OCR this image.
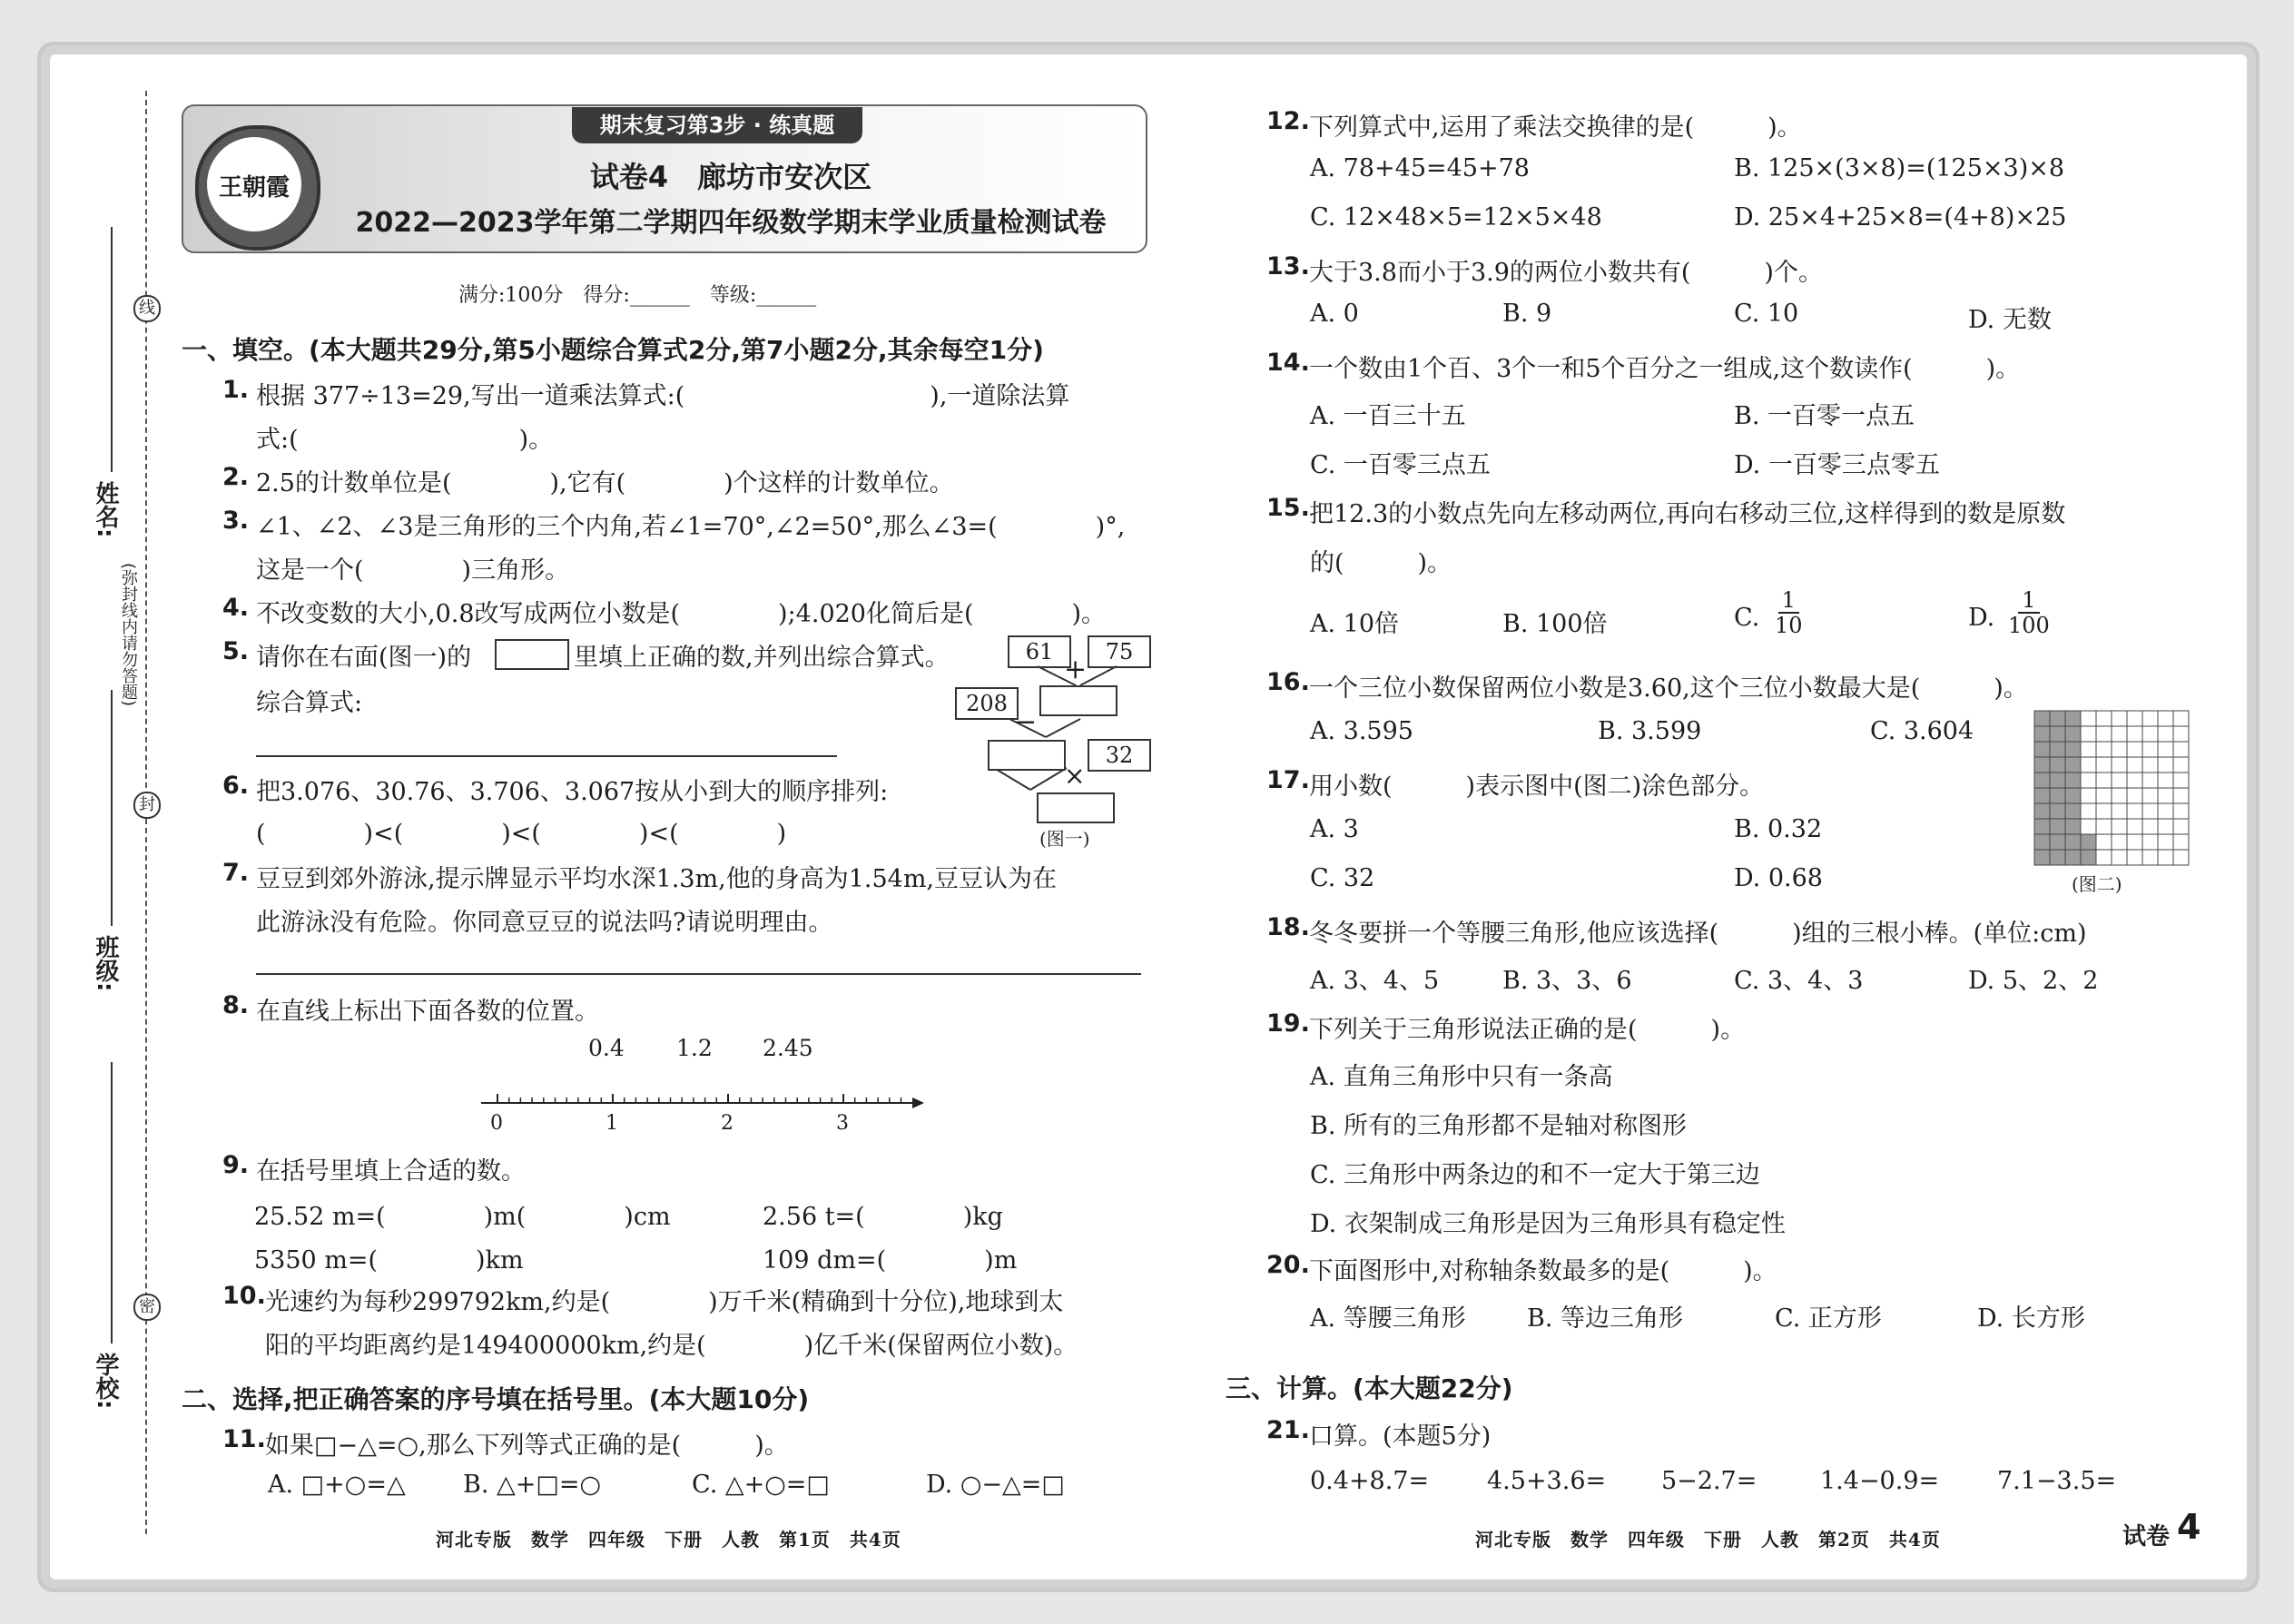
线
封
密
(弥封线内请勿答题)
姓名:
班级:
学校:
期末复习第3步 · 练真题
王朝霞	试卷4　廊坊市安次区
2022—2023学年第二学期四年级数学期末学业质量检测试卷
满分:100分　得分:______　等级:______
一、填空。(本大题共29分,第5小题综合算式2分,第7小题2分,其余每空1分)
1. 根据 377÷13=29,写出一道乘法算式:(　　　　　　　　　　),一道除法算
式:(　　　　　　　　　)。
2. 2.5的计数单位是(　　　　),它有(　　　　)个这样的计数单位。
3. ∠1、∠2、∠3是三角形的三个内角,若∠1=70°,∠2=50°,那么∠3=(　　　　)°,
这是一个(　　　　)三角形。
4. 不改变数的大小,0.8改写成两位小数是(　　　　);4.020化简后是(　　　　)。
5. 请你在右面(图一)的	里填上正确的数,并列出综合算式。
综合算式:
61	75
+
208
−
32
×
(图一)
6. 把3.076、30.76、3.706、3.067按从小到大的顺序排列:
(　　　　)<(　　　　)<(　　　　)<(　　　　)
7. 豆豆到郊外游泳,提示牌显示平均水深1.3m,他的身高为1.54m,豆豆认为在
此游泳没有危险。你同意豆豆的说法吗?请说明理由。
8. 在直线上标出下面各数的位置。
0.4 1.2 2.45
0	1	2	3
9. 在括号里填上合适的数。
25.52 m=(　　　　)m(　　　　)cm	2.56 t=(　　　　)kg
5350 m=(　　　　)km	109 dm=(　　　　)m
10. 光速约为每秒299792km,约是(　　　　)万千米(精确到十分位),地球到太
阳的平均距离约是149400000km,约是(　　　　)亿千米(保留两位小数)。
二、选择,把正确答案的序号填在括号里。(本大题10分)
11. 如果□−△=○,那么下列等式正确的是(　　　)。
A. □+○=△ B. △+□=○	C. △+○=□	D. ○−△=□
河北专版　数学　四年级　下册　人教　第1页　共4页
12. 下列算式中,运用了乘法交换律的是(　　　)。
A. 78+45=45+78	B. 125×(3×8)=(125×3)×8
C. 12×48×5=12×5×48	D. 25×4+25×8=(4+8)×25
13. 大于3.8而小于3.9的两位小数共有(　　　)个。
A. 0	B. 9	C. 10	D. 无数
14. 一个数由1个百、3个一和5个百分之一组成,这个数读作(　　　)。
A. 一百三十五	B. 一百零一点五
C. 一百零三点五	D. 一百零三点零五
15. 把12.3的小数点先向左移动两位,再向右移动三位,这样得到的数是原数
的(　　　)。
A. 10倍	B. 100倍	C. $\frac{1}{10}$	D. $\frac{1}{100}$
16. 一个三位小数保留两位小数是3.60,这个三位小数最大是(　　　)。
A. 3.595	B. 3.599	C. 3.604
(图二)
17. 用小数(　　　)表示图中(图二)涂色部分。
A. 3	B. 0.32
C. 32	D. 0.68
18. 冬冬要拼一个等腰三角形,他应该选择(　　　)组的三根小棒。(单位:cm)
A. 3、4、5	B. 3、3、6	C. 3、4、3	D. 5、2、2
19. 下列关于三角形说法正确的是(　　　)。
A. 直角三角形中只有一条高
B. 所有的三角形都不是轴对称图形
C. 三角形中两条边的和不一定大于第三边
D. 衣架制成三角形是因为三角形具有稳定性
20. 下面图形中,对称轴条数最多的是(　　　)。
A. 等腰三角形 B. 等边三角形	C. 正方形	D. 长方形
三、计算。(本大题22分)
21. 口算。(本题5分)
0.4+8.7= 4.5+3.6= 5−2.7=	1.4−0.9= 7.1−3.5=
河北专版　数学　四年级　下册　人教　第2页　共4页	试卷 4
